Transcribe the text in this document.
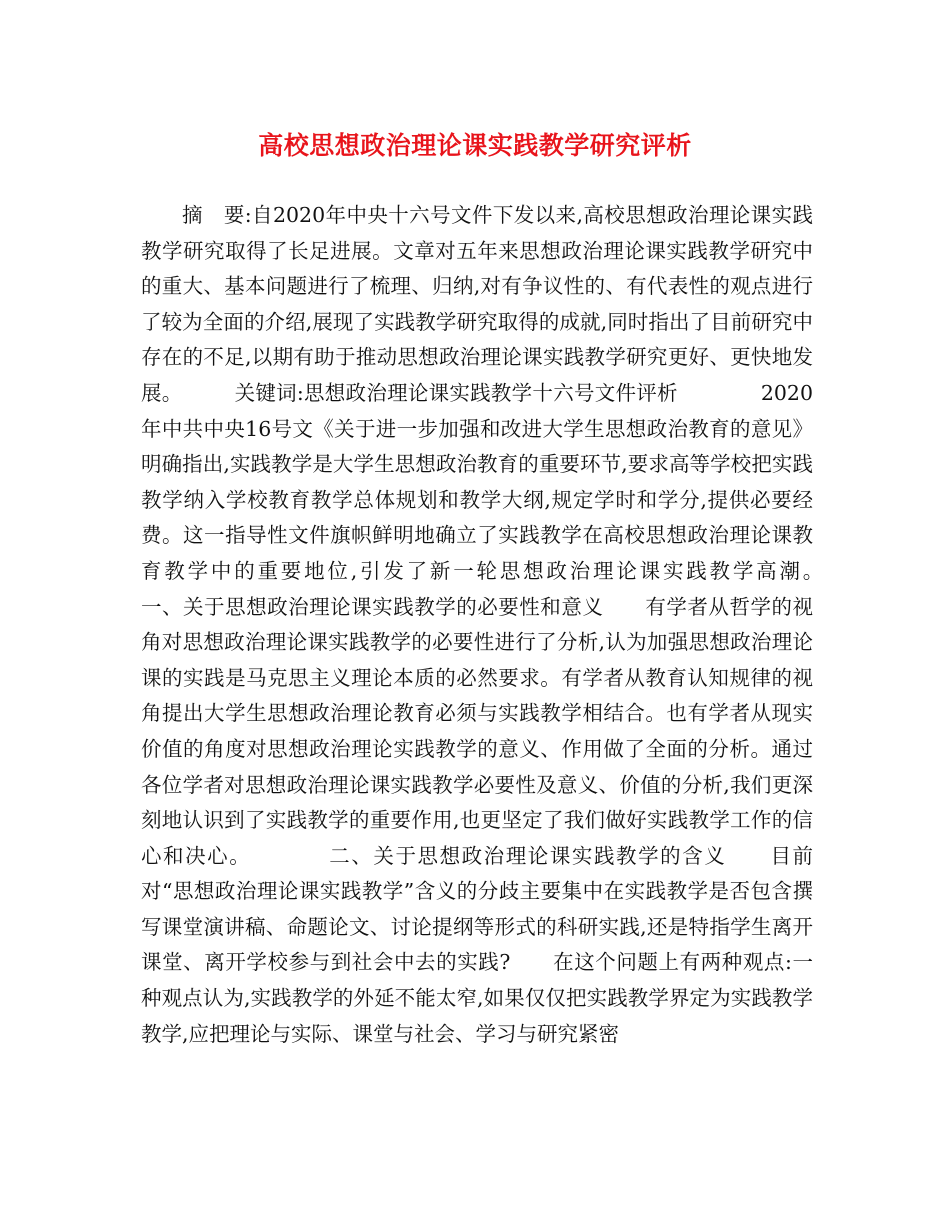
高校思想政治理论课实践教学研究评析

摘　要:自2020年中央十六号文件下发以来,高校思想政治理论课实践教学研究取得了长足进展。文章对五年来思想政治理论课实践教学研究中的重大、基本问题进行了梳理、归纳,对有争议性的、有代表性的观点进行了较为全面的介绍,展现了实践教学研究取得的成就,同时指出了目前研究中存在的不足,以期有助于推动思想政治理论课实践教学研究更好、更快地发展。　　　关键词:思想政治理论课实践教学十六号文件评析　　　　2020年中共中央16号文《关于进一步加强和改进大学生思想政治教育的意见》明确指出,实践教学是大学生思想政治教育的重要环节,要求高等学校把实践教学纳入学校教育教学总体规划和教学大纲,规定学时和学分,提供必要经费。这一指导性文件旗帜鲜明地确立了实践教学在高校思想政治理论课教育教学中的重要地位,引发了新一轮思想政治理论课实践教学高潮。　　　　一、关于思想政治理论课实践教学的必要性和意义　　有学者从哲学的视角对思想政治理论课实践教学的必要性进行了分析,认为加强思想政治理论课的实践是马克思主义理论本质的必然要求。有学者从教育认知规律的视角提出大学生思想政治理论教育必须与实践教学相结合。也有学者从现实价值的角度对思想政治理论实践教学的意义、作用做了全面的分析。通过各位学者对思想政治理论课实践教学必要性及意义、价值的分析,我们更深刻地认识到了实践教学的重要作用,也更坚定了我们做好实践教学工作的信心和决心。　　　　二、关于思想政治理论课实践教学的含义　　目前对“思想政治理论课实践教学”含义的分歧主要集中在实践教学是否包含撰写课堂演讲稿、命题论文、讨论提纲等形式的科研实践,还是特指学生离开课堂、离开学校参与到社会中去的实践?　　在这个问题上有两种观点:一种观点认为,实践教学的外延不能太窄,如果仅仅把实践教学界定为实践教学教学,应把理论与实际、课堂与社会、学习与研究紧密
